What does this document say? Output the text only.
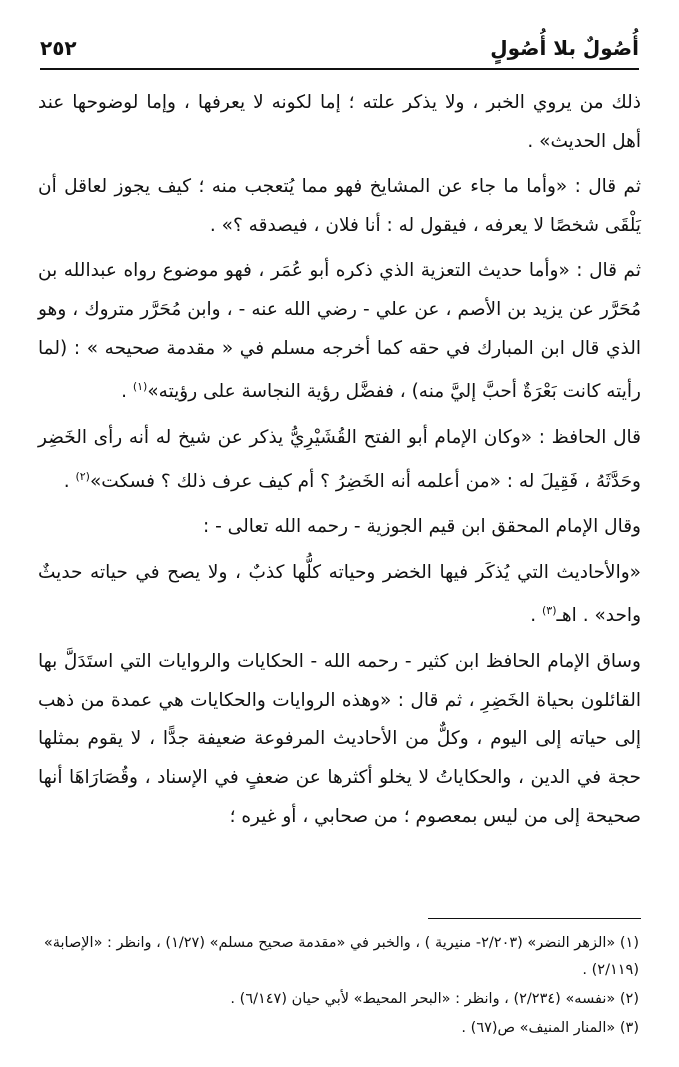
أُصُولٌ بلا أُصُولٍ
٢٥٢

ذلك من يروي الخبر ، ولا يذكر علته ؛ إما لكونه لا يعرفها ، وإما لوضوحها عند أهل الحديث» .

ثم قال : «وأما ما جاء عن المشايخ فهو مما يُتعجب منه ؛ كيف يجوز لعاقل أن يَلْقَى شخصًا لا يعرفه ، فيقول له : أنا فلان ، فيصدقه ؟» .

ثم قال : «وأما حديث التعزية الذي ذكره أبو عُمَر ، فهو موضوع رواه عبدالله بن مُحَرَّر عن يزيد بن الأصم ، عن علي - رضي الله عنه - ، وابن مُحَرَّر متروك ، وهو الذي قال ابن المبارك في حقه كما أخرجه مسلم في « مقدمة صحيحه » : (لما رأيته كانت بَعْرَةٌ أحبَّ إليَّ منه) ، ففضَّل رؤية النجاسة على رؤيته»$^{(١)}$ .

قال الحافظ : «وكان الإمام أبو الفتح القُشَيْرِيُّ يذكر عن شيخ له أنه رأى الخَضِر وحَدَّثَهُ ، فَقِيلَ له : «من أعلمه أنه الخَضِرُ ؟ أم كيف عرف ذلك ؟ فسكت»$^{(٢)}$ .

وقال الإمام المحقق ابن قيم الجوزية - رحمه الله تعالى - :

«والأحاديث التي يُذكَر فيها الخضر وحياته كلُّها كذبٌ ، ولا يصح في حياته حديثٌ واحد» . اهـ$^{(٣)}$ .

وساق الإمام الحافظ ابن كثير - رحمه الله - الحكايات والروايات التي استَدَلَّ بها القائلون بحياة الخَضِرِ ، ثم قال : «وهذه الروايات والحكايات هي عمدة من ذهب إلى حياته إلى اليوم ، وكلٌّ من الأحاديث المرفوعة ضعيفة جدًّا ، لا يقوم بمثلها حجة في الدين ، والحكاياتُ لا يخلو أكثرها عن ضعفٍ في الإسناد ، وقُصَارَاهَا أنها صحيحة إلى من ليس بمعصوم ؛ من صحابي ، أو غيره ؛

(١) «الزهر النضر» (٢/٢٠٣- منيرية ) ، والخبر في «مقدمة صحيح مسلم» (١/٢٧) ، وانظر : «الإصابة» (٢/١١٩) .

(٢) «نفسه» (٢/٢٣٤) ، وانظر : «البحر المحيط» لأبي حيان (٦/١٤٧) .

(٣) «المنار المنيف» ص(٦٧) .
